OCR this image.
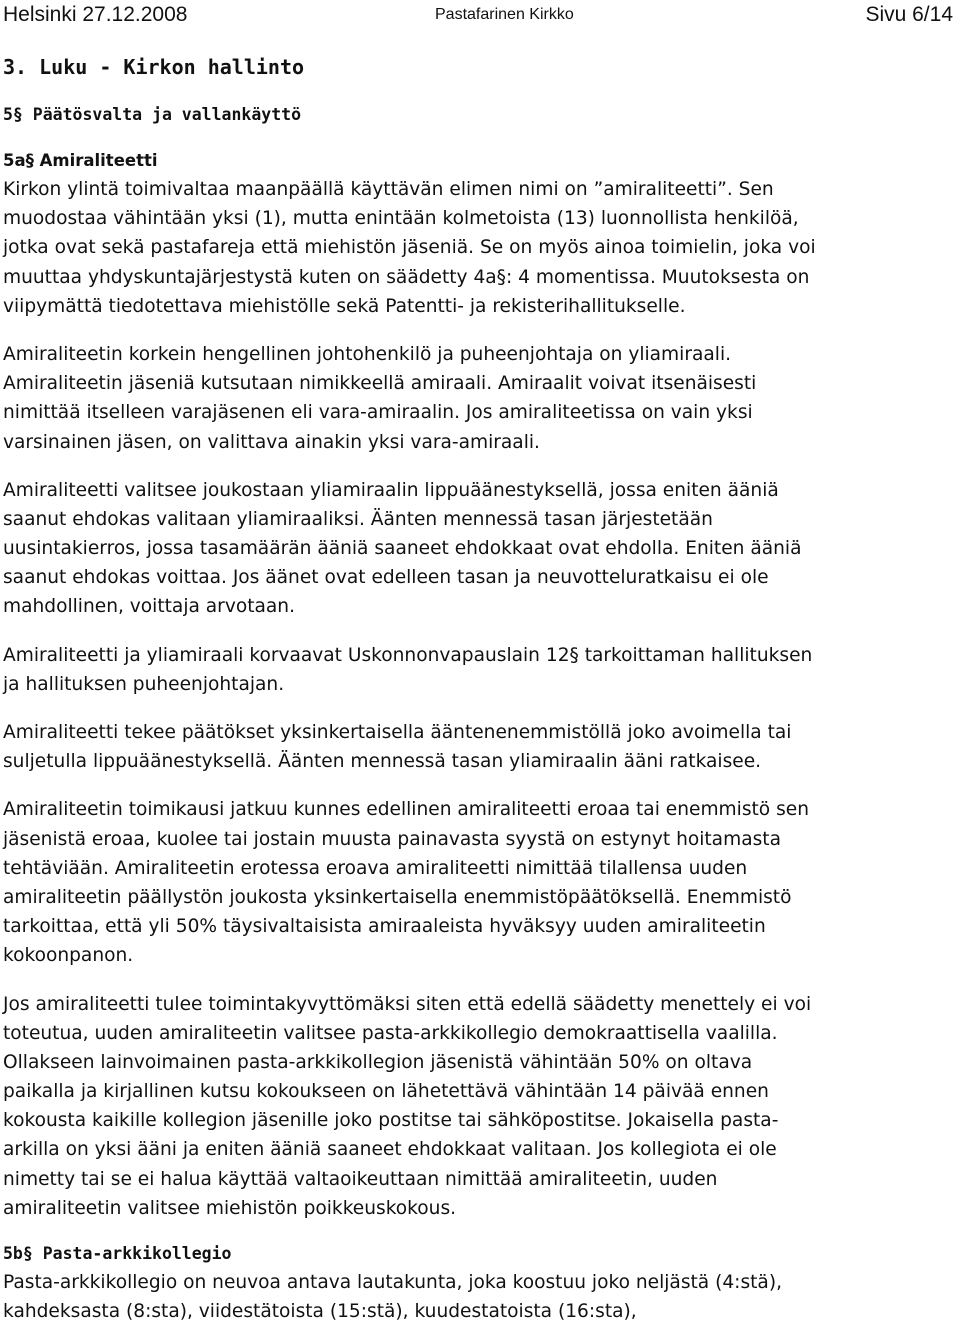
Helsinki 27.12.2008	Pastafarinen Kirkko	Sivu 6/14
3. Luku - Kirkon hallinto
5§ Päätösvalta ja vallankäyttö
5a§ Amiraliteetti

Kirkon ylintä toimivaltaa maanpäällä käyttävän elimen nimi on ”amiraliteetti”. Sen
muodostaa vähintään yksi (1), mutta enintään kolmetoista (13) luonnollista henkilöä,
jotka ovat sekä pastafareja että miehistön jäseniä. Se on myös ainoa toimielin, joka voi
muuttaa yhdyskuntajärjestystä kuten on säädetty 4a§: 4 momentissa. Muutoksesta on
viipymättä tiedotettava miehistölle sekä Patentti- ja rekisterihallitukselle.

Amiraliteetin korkein hengellinen johtohenkilö ja puheenjohtaja on yliamiraali.
Amiraliteetin jäseniä kutsutaan nimikkeellä amiraali. Amiraalit voivat itsenäisesti
nimittää itselleen varajäsenen eli vara-amiraalin. Jos amiraliteetissa on vain yksi
varsinainen jäsen, on valittava ainakin yksi vara-amiraali.

Amiraliteetti valitsee joukostaan yliamiraalin lippuäänestyksellä, jossa eniten ääniä
saanut ehdokas valitaan yliamiraaliksi. Äänten mennessä tasan järjestetään
uusintakierros, jossa tasamäärän ääniä saaneet ehdokkaat ovat ehdolla. Eniten ääniä
saanut ehdokas voittaa. Jos äänet ovat edelleen tasan ja neuvotteluratkaisu ei ole
mahdollinen, voittaja arvotaan.

Amiraliteetti ja yliamiraali korvaavat Uskonnonvapauslain 12§ tarkoittaman hallituksen
ja hallituksen puheenjohtajan.

Amiraliteetti tekee päätökset yksinkertaisella ääntenenemmistöllä joko avoimella tai
suljetulla lippuäänestyksellä. Äänten mennessä tasan yliamiraalin ääni ratkaisee.

Amiraliteetin toimikausi jatkuu kunnes edellinen amiraliteetti eroaa tai enemmistö sen
jäsenistä eroaa, kuolee tai jostain muusta painavasta syystä on estynyt hoitamasta
tehtäviään. Amiraliteetin erotessa eroava amiraliteetti nimittää tilallensa uuden
amiraliteetin päällystön joukosta yksinkertaisella enemmistöpäätöksellä. Enemmistö
tarkoittaa, että yli 50% täysivaltaisista amiraaleista hyväksyy uuden amiraliteetin
kokoonpanon.

Jos amiraliteetti tulee toimintakyvyttömäksi siten että edellä säädetty menettely ei voi
toteutua, uuden amiraliteetin valitsee pasta-arkkikollegio demokraattisella vaalilla.
Ollakseen lainvoimainen pasta-arkkikollegion jäsenistä vähintään 50% on oltava
paikalla ja kirjallinen kutsu kokoukseen on lähetettävä vähintään 14 päivää ennen
kokousta kaikille kollegion jäsenille joko postitse tai sähköpostitse. Jokaisella pasta-
arkilla on yksi ääni ja eniten ääniä saaneet ehdokkaat valitaan. Jos kollegiota ei ole
nimetty tai se ei halua käyttää valtaoikeuttaan nimittää amiraliteetin, uuden
amiraliteetin valitsee miehistön poikkeuskokous.

5b§ Pasta-arkkikollegio

Pasta-arkkikollegio on neuvoa antava lautakunta, joka koostuu joko neljästä (4:stä),
kahdeksasta (8:sta), viidestätoista (15:stä), kuudestatoista (16:sta),
